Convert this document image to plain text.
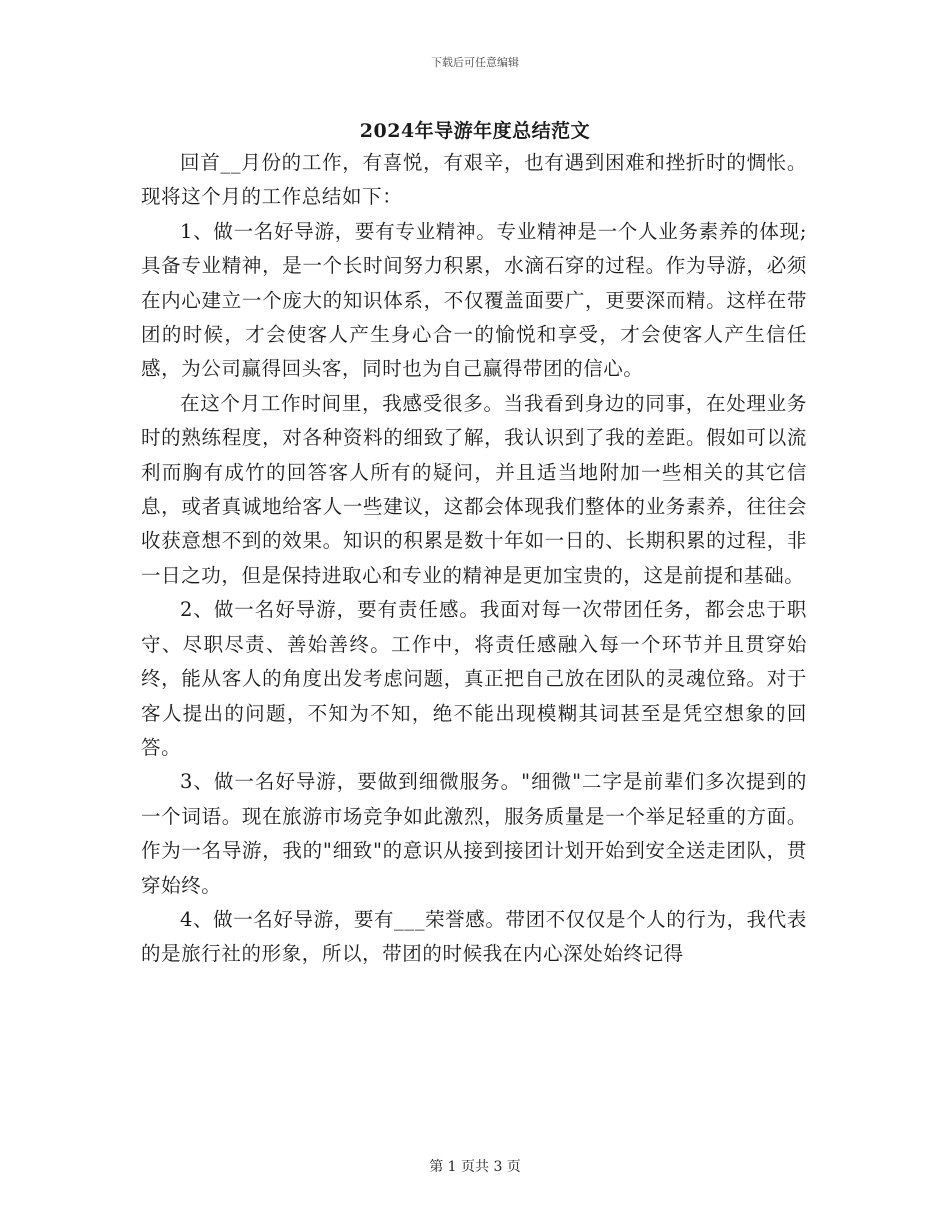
下载后可任意编辑
2024年导游年度总结范文

回首__月份的工作，有喜悦，有艰辛，也有遇到困难和挫折时的惆怅。现将这个月的工作总结如下：

1、做一名好导游，要有专业精神。专业精神是一个人业务素养的体现;具备专业精神，是一个长时间努力积累，水滴石穿的过程。作为导游，必须在内心建立一个庞大的知识体系，不仅覆盖面要广，更要深而精。这样在带团的时候，才会使客人产生身心合一的愉悦和享受，才会使客人产生信任感，为公司赢得回头客，同时也为自己赢得带团的信心。

在这个月工作时间里，我感受很多。当我看到身边的同事，在处理业务时的熟练程度，对各种资料的细致了解，我认识到了我的差距。假如可以流利而胸有成竹的回答客人所有的疑问，并且适当地附加一些相关的其它信息，或者真诚地给客人一些建议，这都会体现我们整体的业务素养，往往会收获意想不到的效果。知识的积累是数十年如一日的、长期积累的过程，非一日之功，但是保持进取心和专业的精神是更加宝贵的，这是前提和基础。

2、做一名好导游，要有责任感。我面对每一次带团任务，都会忠于职守、尽职尽责、善始善终。工作中，将责任感融入每一个环节并且贯穿始终，能从客人的角度出发考虑问题，真正把自己放在团队的灵魂位臵。对于客人提出的问题，不知为不知，绝不能出现模糊其词甚至是凭空想象的回答。

3、做一名好导游，要做到细微服务。"细微"二字是前辈们多次提到的一个词语。现在旅游市场竞争如此激烈，服务质量是一个举足轻重的方面。作为一名导游，我的"细致"的意识从接到接团计划开始到安全送走团队，贯穿始终。

4、做一名好导游，要有___荣誉感。带团不仅仅是个人的行为，我代表的是旅行社的形象，所以，带团的时候我在内心深处始终记得

第 1 页共 3 页
